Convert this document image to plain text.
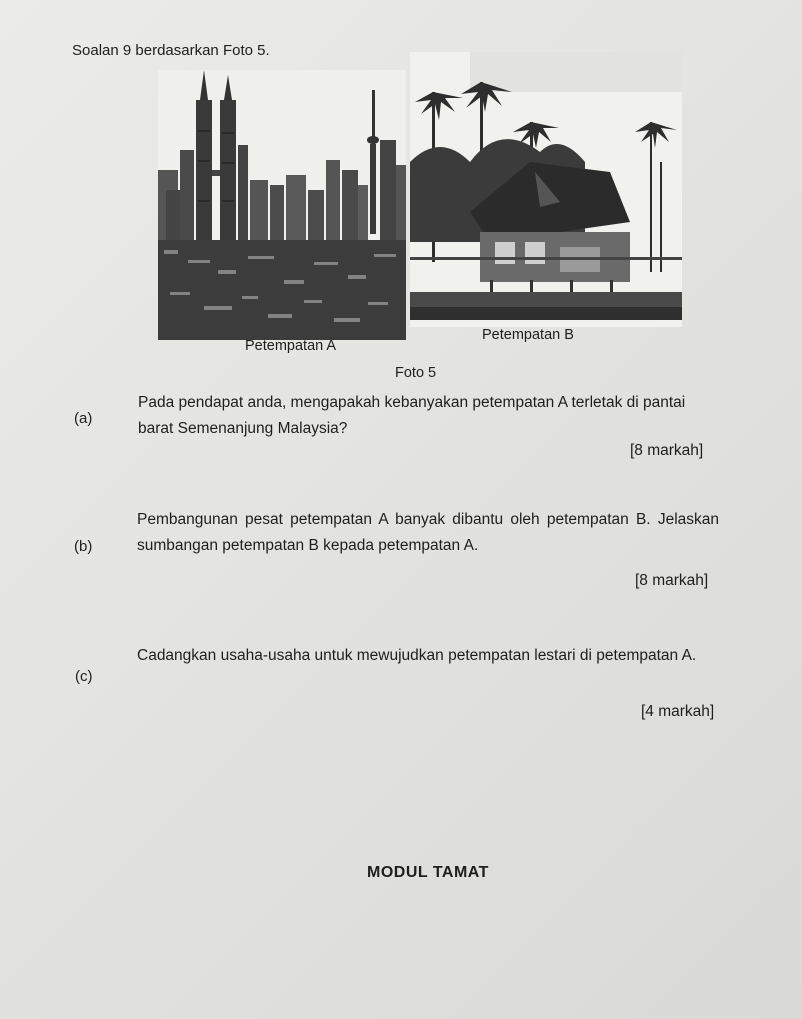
Soalan 9 berdasarkan Foto 5.
Petempatan A
Petempatan B
Foto 5
(a)
Pada pendapat anda, mengapakah kebanyakan petempatan A terletak di pantai barat Semenanjung Malaysia?
[8 markah]
(b)
Pembangunan pesat petempatan A banyak dibantu oleh petempatan B. Jelaskan sumbangan petempatan B kepada petempatan A.
[8 markah]
(c)
Cadangkan usaha-usaha untuk mewujudkan petempatan lestari di petempatan A.
[4 markah]
MODUL TAMAT
